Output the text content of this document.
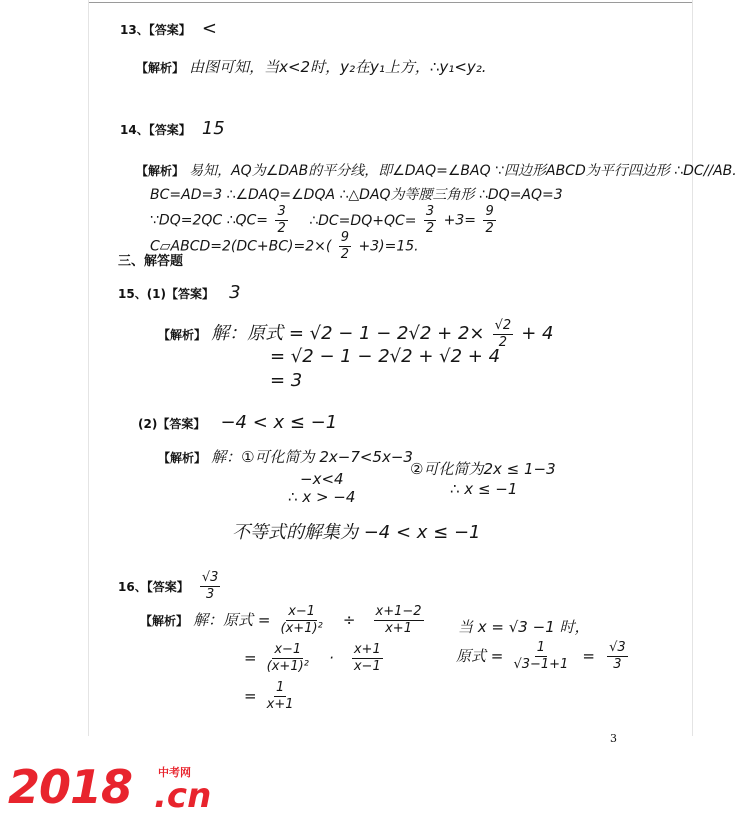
13、【答案】 <
【解析】 由图可知，当x<2时，y₂在y₁上方，∴y₁<y₂.
14、【答案】 15
【解析】 易知，AQ为∠DAB的平分线，即∠DAQ=∠BAQ ∵四边形ABCD为平行四边形 ∴DC//AB.
BC=AD=3 ∴∠DAQ=∠DQA ∴△DAQ为等腰三角形 ∴DQ=AQ=3
∵DQ=2QC ∴QC= $\frac{3}{2}$ ∴DC=DQ+QC= $\frac{3}{2} +3= \frac{9}{2}$
C▱ABCD=2(DC+BC)=2×( $\frac{9}{2} +3)=15$.
三、解答题
15、(1)【答案】 3
【解析】 解：原式 = $√2 - 1 - 2√2 + 2\times \frac{√2}{2} + 4$
= √2 − 1 − 2√2 + √2 + 4
= 3
(2)【答案】 −4 < x ≤ −1
【解析】 解：①可化简为 2x−7<5x−3
−x<4
∴ x > −4
②可化简为2x ≤ 1−3
∴ x ≤ −1
不等式的解集为 −4 < x ≤ −1
16、【答案】 $\frac{√3}{3}$
【解析】 解：原式 = $\frac{x-1}{\text{(x+1)²}} \div \frac{x+1-2}{x+1}$
= $\frac{x-1}{\text{(x+1)²}} \cdot \frac{x+1}{x-1}$
= $\frac{1}{x+1}$
当 x = √3 −1 时，
原式 = $\frac{1}{√3-1+1} = \frac{√3}{3}$
3
2018 中考网
.cn
